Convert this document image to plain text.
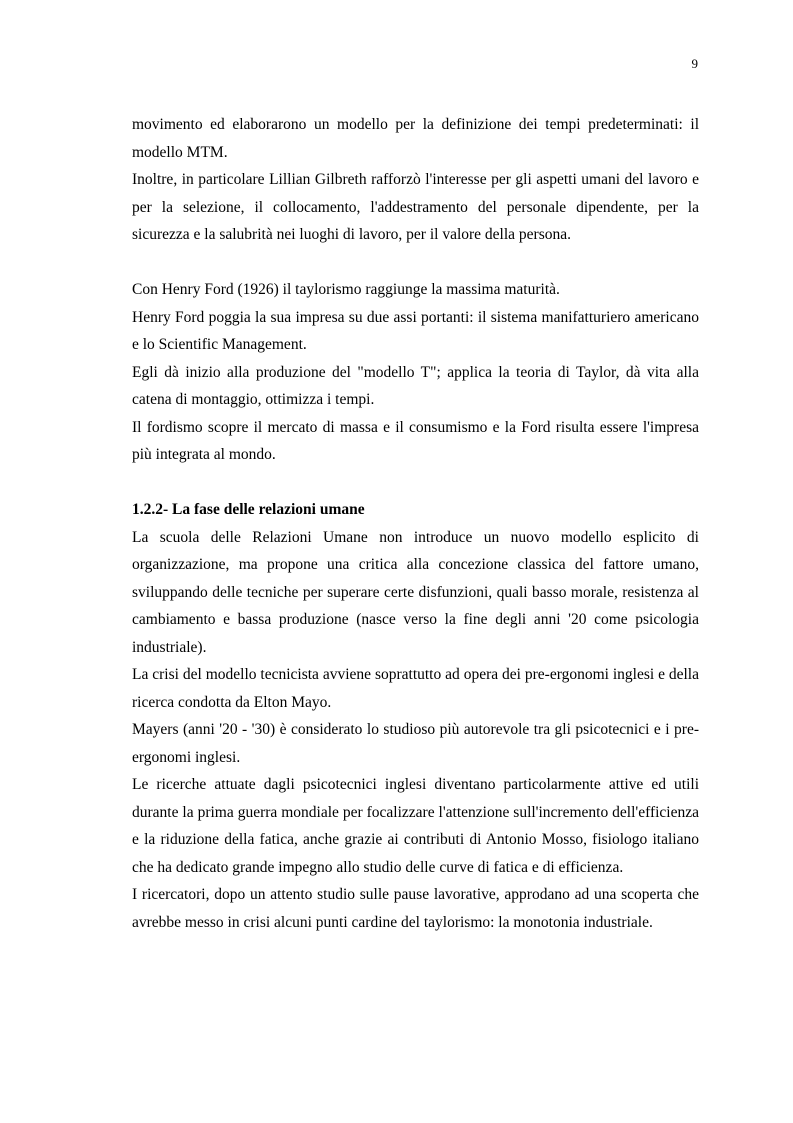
9

movimento ed elaborarono un modello per la definizione dei tempi predeterminati: il modello MTM.

Inoltre, in particolare Lillian Gilbreth rafforzò l'interesse per gli aspetti umani del lavoro e per la selezione, il collocamento, l'addestramento del personale dipendente, per la sicurezza e la salubrità nei luoghi di lavoro, per il valore della persona.

Con Henry Ford (1926) il taylorismo raggiunge la massima maturità.

Henry Ford poggia la sua impresa su due assi portanti: il sistema manifatturiero americano e lo Scientific Management.

Egli dà inizio alla produzione del "modello T"; applica la teoria di Taylor, dà vita alla catena di montaggio, ottimizza i tempi.

Il fordismo scopre il mercato di massa e il consumismo e la Ford risulta essere l'impresa più integrata al mondo.

1.2.2- La fase delle relazioni umane

La scuola delle Relazioni Umane non introduce un nuovo modello esplicito di organizzazione, ma propone una critica alla concezione classica del fattore umano, sviluppando delle tecniche per superare certe disfunzioni, quali basso morale, resistenza al cambiamento e bassa produzione (nasce verso la fine degli anni '20 come psicologia industriale).

La crisi del modello tecnicista avviene soprattutto ad opera dei pre-ergonomi inglesi e della ricerca condotta da Elton Mayo.

Mayers (anni '20 - '30) è considerato lo studioso più autorevole tra gli psicotecnici e i pre-ergonomi inglesi.

Le ricerche attuate dagli psicotecnici inglesi diventano particolarmente attive ed utili durante la prima guerra mondiale per focalizzare l'attenzione sull'incremento dell'efficienza e la riduzione della fatica, anche grazie ai contributi di Antonio Mosso, fisiologo italiano che ha dedicato grande impegno allo studio delle curve di fatica e di efficienza.

I ricercatori, dopo un attento studio sulle pause lavorative, approdano ad una scoperta che avrebbe messo in crisi alcuni punti cardine del taylorismo: la monotonia industriale.
